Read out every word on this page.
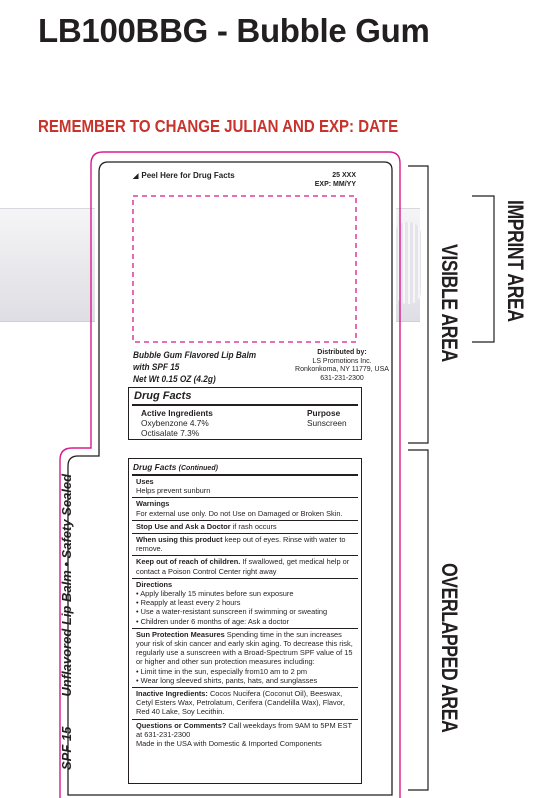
LB100BBG - Bubble Gum
REMEMBER TO CHANGE JULIAN AND EXP: DATE
◢ Peel Here for Drug Facts	25 XXX
EXP: MM/YY
Bubble Gum Flavored Lip Balm
with SPF 15
Net Wt 0.15 OZ (4.2g)
Distributed by:
LS Promotions Inc.
Ronkonkoma, NY 11779, USA
631-231-2300
Drug Facts
Active Ingredients	Purpose
Oxybenzone 4.7%
Octisalate 7.3%
Sunscreen
Drug Facts (Continued)
Uses
Helps prevent sunburn
Warnings
For external use only. Do not Use on Damaged or Broken Skin.
Stop Use and Ask a Doctor if rash occurs
When using this product keep out of eyes. Rinse with water to remove.
Keep out of reach of children. If swallowed, get medical help or contact a Poison Control Center right away
Directions
• Apply liberally 15 minutes before sun exposure
• Reapply at least every 2 hours
• Use a water-resistant sunscreen if swimming or sweating
• Children under 6 months of age: Ask a doctor
Sun Protection Measures Spending time in the sun increases your risk of skin cancer and early skin aging. To decrease this risk, regularly use a sunscreen with a Broad-Spectrum SPF value of 15 or higher and other sun protection measures including:
• Limit time in the sun, especially from10 am to 2 pm
• Wear long sleeved shirts, pants, hats, and sunglasses
Inactive Ingredients: Cocos Nucifera (Coconut Oil), Beeswax, Cetyl Esters Wax, Petrolatum, Cerifera (Candelilla Wax), Flavor, Red 40 Lake, Soy Lecithin.
Questions or Comments? Call weekdays from 9AM to 5PM EST at 631-231-2300
Made in the USA with Domestic & Imported Components
SPF 15Unflavored Lip Balm • Safety Sealed
IMPRINT AREA
VISIBLE AREA
OVERLAPPED AREA
